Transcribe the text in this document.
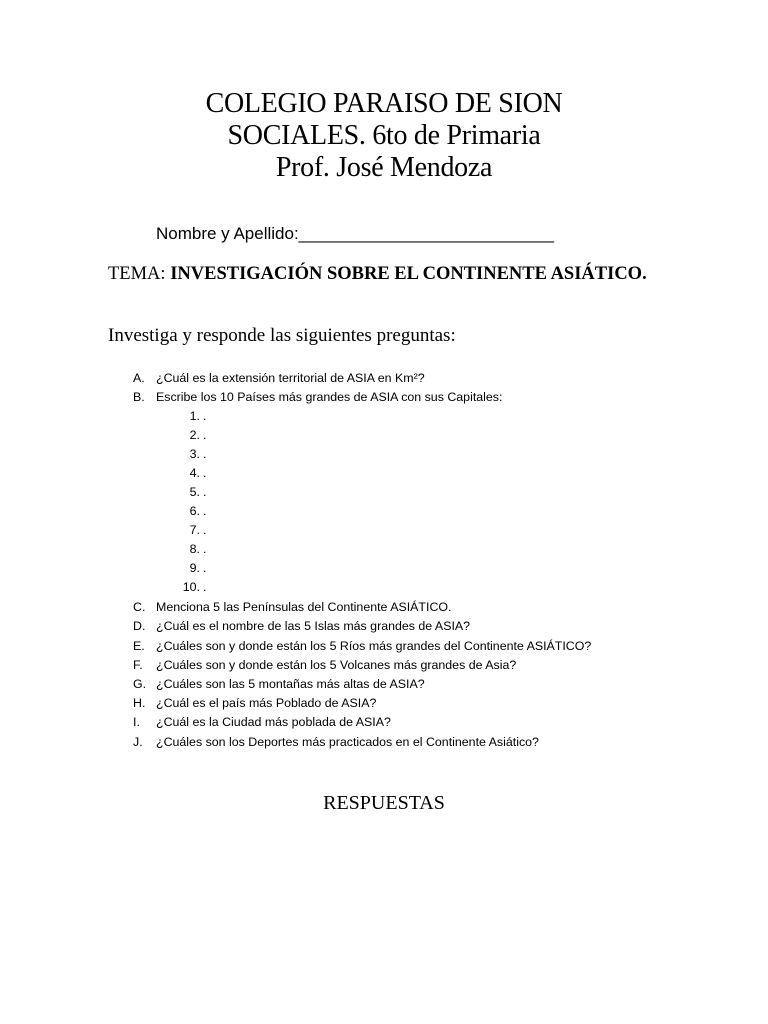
COLEGIO PARAISO DE SION
SOCIALES. 6to de Primaria
Prof. José Mendoza
Nombre y Apellido:___________________________
TEMA: INVESTIGACIÓN SOBRE EL CONTINENTE ASIÁTICO.
Investiga y responde las siguientes preguntas:
A. ¿Cuál es la extensión territorial de ASIA en Km²?
B. Escribe los 10 Países más grandes de ASIA con sus Capitales:
1. .
2. .
3. .
4. .
5. .
6. .
7. .
8. .
9. .
10. .
C. Menciona 5 las Penínsulas del Continente ASIÁTICO.
D. ¿Cuál es el nombre de las 5 Islas más grandes de ASIA?
E. ¿Cuáles son y donde están los 5 Ríos más grandes del Continente ASIÁTICO?
F.	¿Cuáles son y donde están los 5 Volcanes más grandes de Asia?
G. ¿Cuáles son las 5 montañas más altas de ASIA?
H. ¿Cuál es el país más Poblado de ASIA?
I.	¿Cuál es la Ciudad más poblada de ASIA?
J.	¿Cuáles son los Deportes más practicados en el Continente Asiático?
RESPUESTAS
